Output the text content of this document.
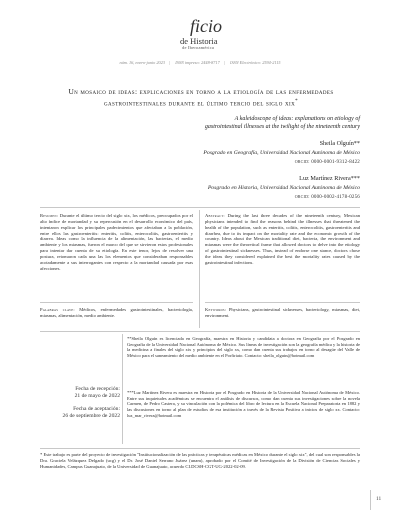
ficio
de Historia
de Iberoamérica
núm. 16, enero-junio 2023 | ISSN impreso: 2448-8717 | ISSN Electrónico: 2594-2115
Un mosaico de ideas: explicaciones en torno a la etiología de las enfermedades gastrointestinales durante el último tercio del siglo xix*
A kaleidoscope of ideas: explanations on etiology of gastrointestinal illnesses at the twilight of the nineteenth century
Sheila Olguín**
Posgrado en Geografía, Universidad Nacional Autónoma de México
orcid: 0000-0001-9312-8422
Luz Martínez Rivera***
Posgrado en Historia, Universidad Nacional Autónoma de México
orcid: 0000-0002-4178-0256
Resumen: Durante el último tercio del siglo xix, los médicos, preocupados por el alto índice de mortandad y su repercusión en el desarrollo económico del país, intentaron explicar los principales padecimientos que afectaban a la población, entre ellos las gastroenteritis: enteritis, colitis, enterocolitis, gastroenteritis y diarrea. Ideas como la influencia de la alimentación, las bacterias, el medio ambiente y los miasmas, fueron el marco del que se sirvieron estos profesionales para intentar dar cuenta de su etiología. En este tenor, lejos de resolver una postura, retomaron cada una las los elementos que consideraban responsables acotadamente a sus interrogantes con respecto a la mortandad causada por esas afecciones.
Abstract: During the last three decades of the nineteenth century, Mexican physicians intended to find the reasons behind the illnesses that threatened the health of the population, such as enteritis, colitis, enterocolitis, gastroenteritis and diarrhea, due to its impact on the mortality rate and the economic growth of the country. Ideas about the Mexican traditional diet, bacteria, the environment and miasmas were the theoretical frame that allowed doctors to delve into the etiology of gastrointestinal sicknesses. Thus, instead of endorse one stance, doctors chose the ideas they considered explained the best the mortality rates caused by the gastrointestinal infections.
Palabras clave: Médicos, enfermedades gastrointestinales, bacteriología, miasmas, alimentación, medio ambiente.
Keywords: Physicians, gastrointestinal sicknesses, bacteriology, miasmas, diet, environment.
Fecha de recepción:
21 de mayo de 2022
Fecha de aceptación:
26 de septiembre de 2022
**Sheila Olguín es licenciada en Geografía, maestra en Historia y candidata a doctora en Geografía por el Posgrado en Geografía de la Universidad Nacional Autónoma de México. Sus líneas de investigación son la geografía médica y la historia de la medicina a finales del siglo xix y principios del siglo xx, como dan cuenta sus trabajos en torno al desagüe del Valle de México para el saneamiento del medio ambiente en el Porfiriato. Contacto: sheila_olguin@hotmail.com
***Luz Martínez Rivera es maestra en Historia por el Posgrado en Historia de la Universidad Nacional Autónoma de México. Entre sus inquietudes académicas se encuentra el análisis de discursos, como dan cuenta sus investigaciones sobre la novela Carmen, de Pedro Castera, y su vinculación con la polémica del libro de lectura en la Escuela Nacional Preparatoria en 1882 y las discusiones en torno al plan de estudios de esa institución a través de la Revista Positiva a inicios de siglo xx. Contacto: luz_mar_rivera@hotmail.com
* Este trabajo es parte del proyecto de investigación "Institucionalización de las prácticas y terapéuticas médicas en México durante el siglo xix", del cual son responsables la Dra. Graciela Velázquez Delgado (ucg) y el Dr. José Daniel Serrano Juárez (unam), aprobado por el Comité de Investigación de la División de Ciencias Sociales y Humanidades, Campus Guanajuato, de la Universidad de Guanajuato, acuerdo CI.DCSH-CGT-UG-2022-02-09.
11
